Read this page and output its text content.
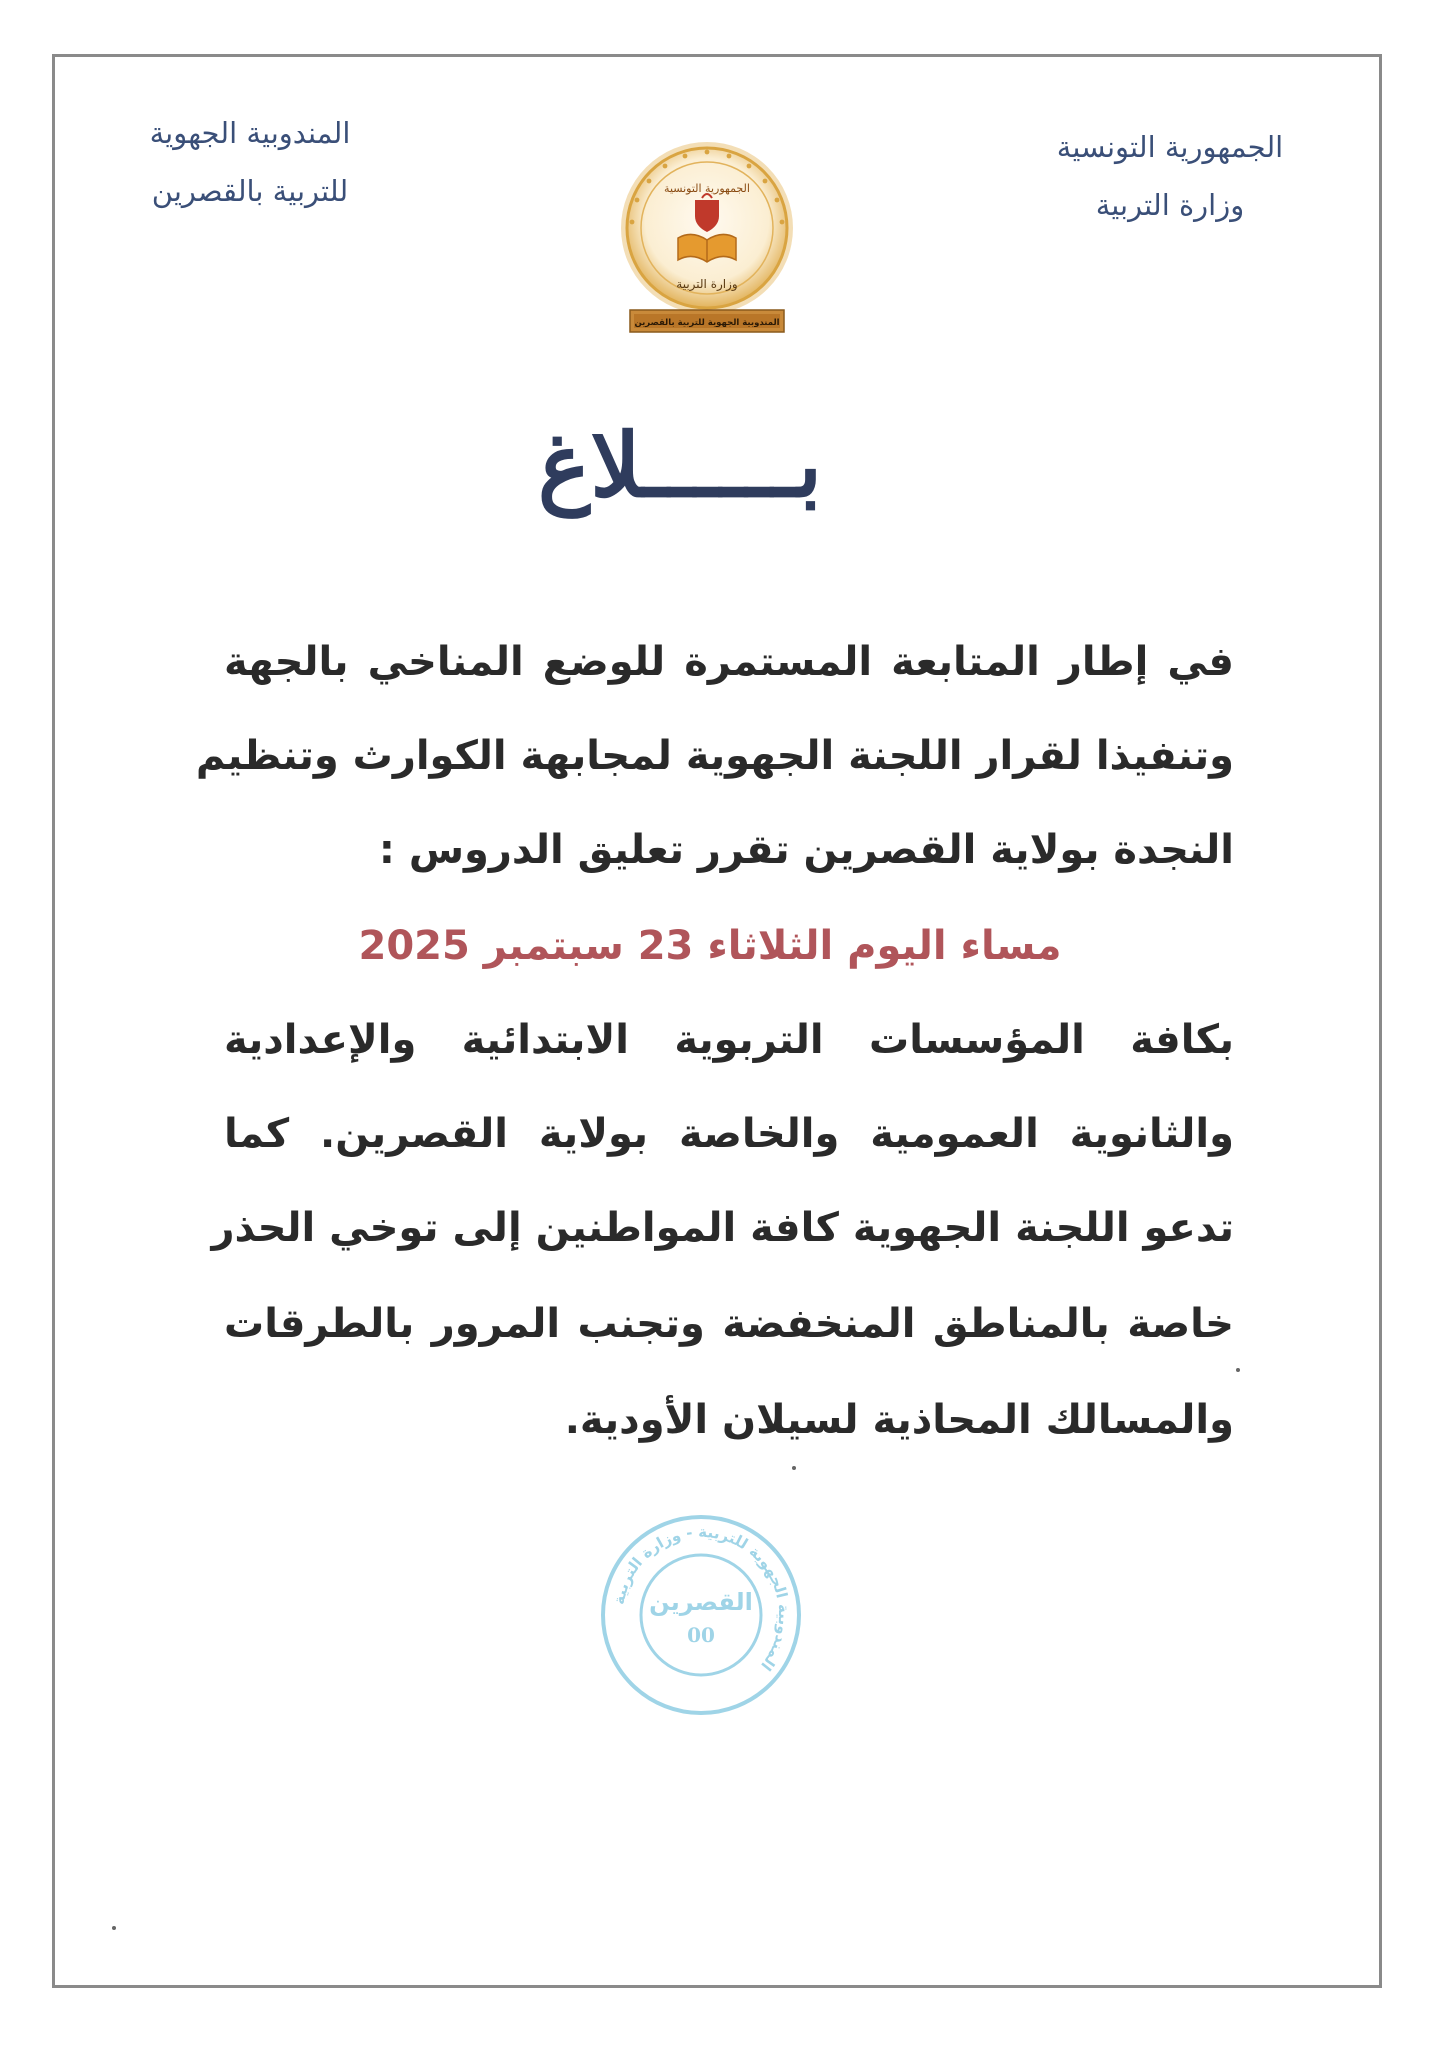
الجمهورية التونسية
وزارة التربية
المندوبية الجهوية
للتربية بالقصرين	الجمهورية التونسية
وزارة التربية
المندوبية الجهوية للتربية بالقصرين
بــــــلاغ
في إطار المتابعة المستمرة للوضع المناخي بالجهة
وتنفيذا لقرار اللجنة الجهوية لمجابهة الكوارث وتنظيم
النجدة بولاية القصرين تقرر تعليق الدروس :
مساء اليوم الثلاثاء 23 سبتمبر 2025
بكافة المؤسسات التربوية الابتدائية والإعدادية
والثانوية العمومية والخاصة بولاية القصرين. كما
تدعو اللجنة الجهوية كافة المواطنين إلى توخي الحذر
خاصة بالمناطق المنخفضة وتجنب المرور بالطرقات
والمسالك المحاذية لسيلان الأودية.
المندوبية الجهوية للتربية - وزارة التربية
القصرين
00
